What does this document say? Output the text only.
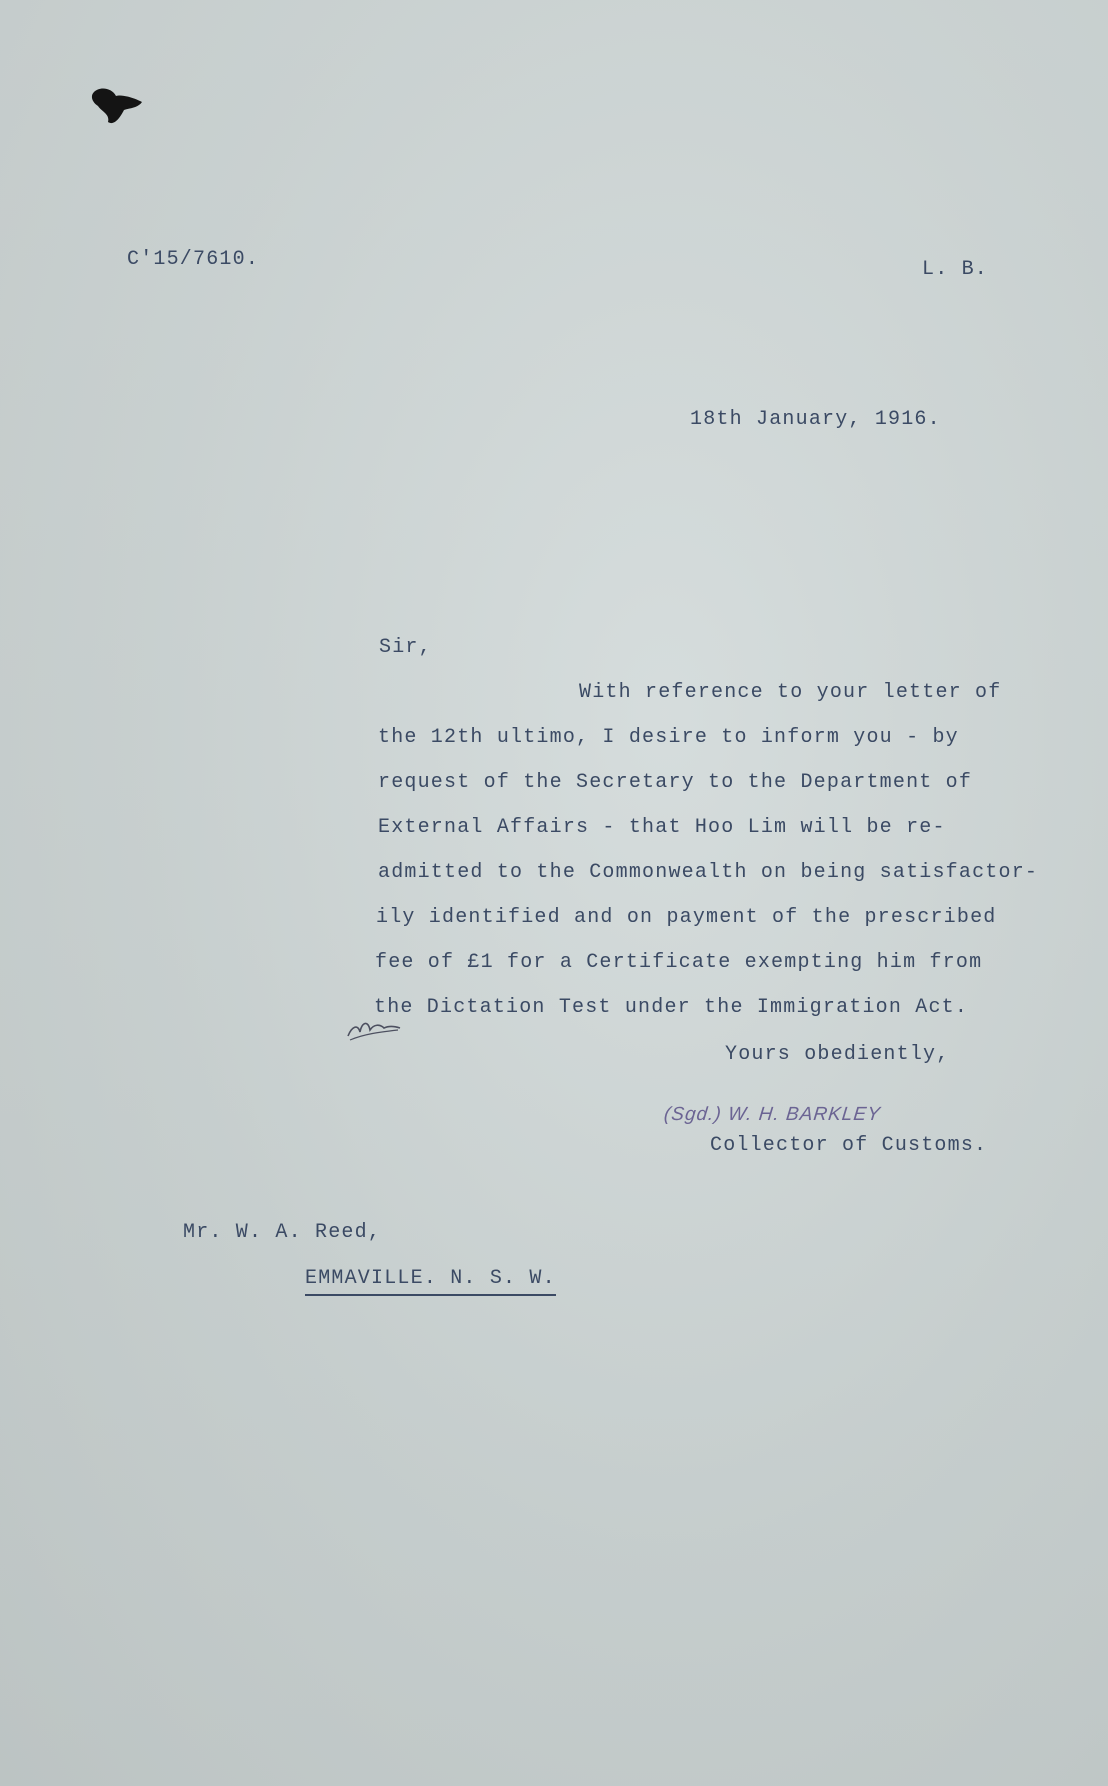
C'15/7610.	L. B.
18th January, 1916.
Sir,
With reference to your letter of
the 12th ultimo, I desire to inform you - by
request of the Secretary to the Department of
External Affairs - that Hoo Lim will be re-
admitted to the Commonwealth on being satisfactor-
ily identified and on payment of the prescribed
fee of £1 for a Certificate exempting him from
the Dictation Test under the Immigration Act.
Yours obediently,
(Sgd.) W. H. BARKLEY
Collector of Customs.
Mr. W. A. Reed,
EMMAVILLE. N. S. W.
